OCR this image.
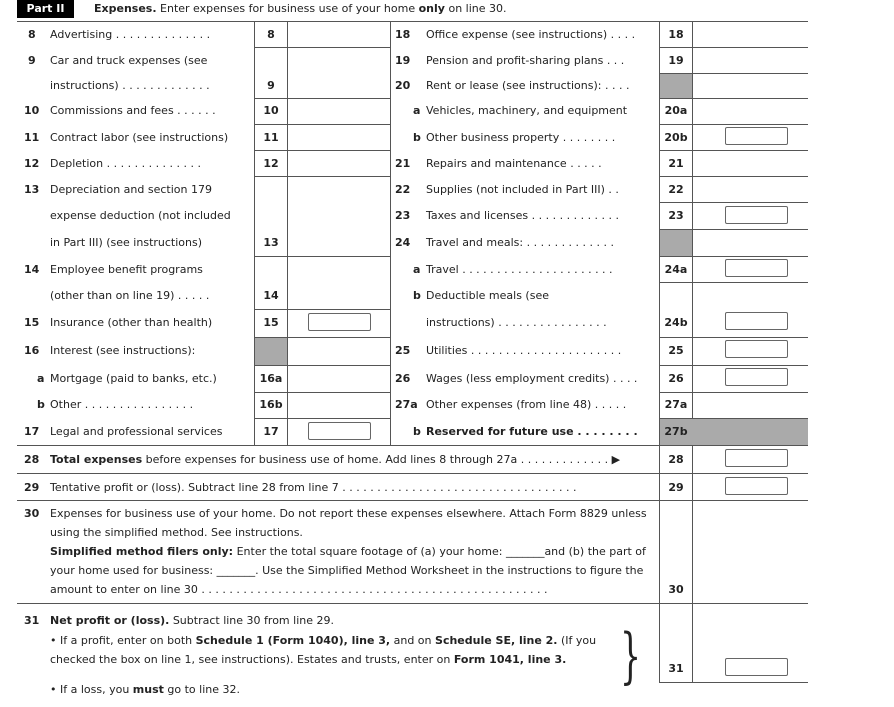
Part II	Expenses. Enter expenses for business use of your home only on line 30.
8 Advertising . . . . . . . . . . . . . .	8
9 Car and truck expenses (see
instructions) . . . . . . . . . . . . .	9
10 Commissions and fees . . . . . .	10
11 Contract labor (see instructions)	11
12 Depletion . . . . . . . . . . . . . .	12
13 Depreciation and section 179
expense deduction (not included
in Part III) (see instructions)	13
14 Employee benefit programs
(other than on line 19) . . . . .	14
15 Insurance (other than health)	15
16 Interest (see instructions):
a Mortgage (paid to banks, etc.)	16a
b Other . . . . . . . . . . . . . . . .	16b
17 Legal and professional services	17
18 Office expense (see instructions) . . . .	18
19 Pension and profit-sharing plans . . .	19
20 Rent or lease (see instructions): . . . .
a Vehicles, machinery, and equipment	20a
b Other business property . . . . . . . .	20b
21 Repairs and maintenance . . . . .	21
22 Supplies (not included in Part III) . .	22
23 Taxes and licenses . . . . . . . . . . . . .	23
24 Travel and meals: . . . . . . . . . . . . .
a Travel . . . . . . . . . . . . . . . . . . . . . .	24a
b Deductible meals (see
instructions) . . . . . . . . . . . . . . . .	24b
25 Utilities . . . . . . . . . . . . . . . . . . . . . .	25
26 Wages (less employment credits) . . . .	26
27a Other expenses (from line 48) . . . . .	27a
b Reserved for future use . . . . . . . .	27b
28 Total expenses before expenses for business use of home. Add lines 8 through 27a . . . . . . . . . . . . . ▶	28
29 Tentative profit or (loss). Subtract line 28 from line 7 . . . . . . . . . . . . . . . . . . . . . . . . . . . . . . . . . .	29
30 Expenses for business use of your home. Do not report these expenses elsewhere. Attach Form 8829 unless
using the simplified method. See instructions.
Simplified method filers only: Enter the total square footage of (a) your home: _______and (b) the part of
your home used for business: _______. Use the Simplified Method Worksheet in the instructions to figure the
amount to enter on line 30 . . . . . . . . . . . . . . . . . . . . . . . . . . . . . . . . . . . . . . . . . . . . . . . . . .	30
31 Net profit or (loss). Subtract line 30 from line 29.
• If a profit, enter on both Schedule 1 (Form 1040), line 3, and on Schedule SE, line 2. (If you
checked the box on line 1, see instructions). Estates and trusts, enter on Form 1041, line 3.
• If a loss, you must go to line 32.	}	31
